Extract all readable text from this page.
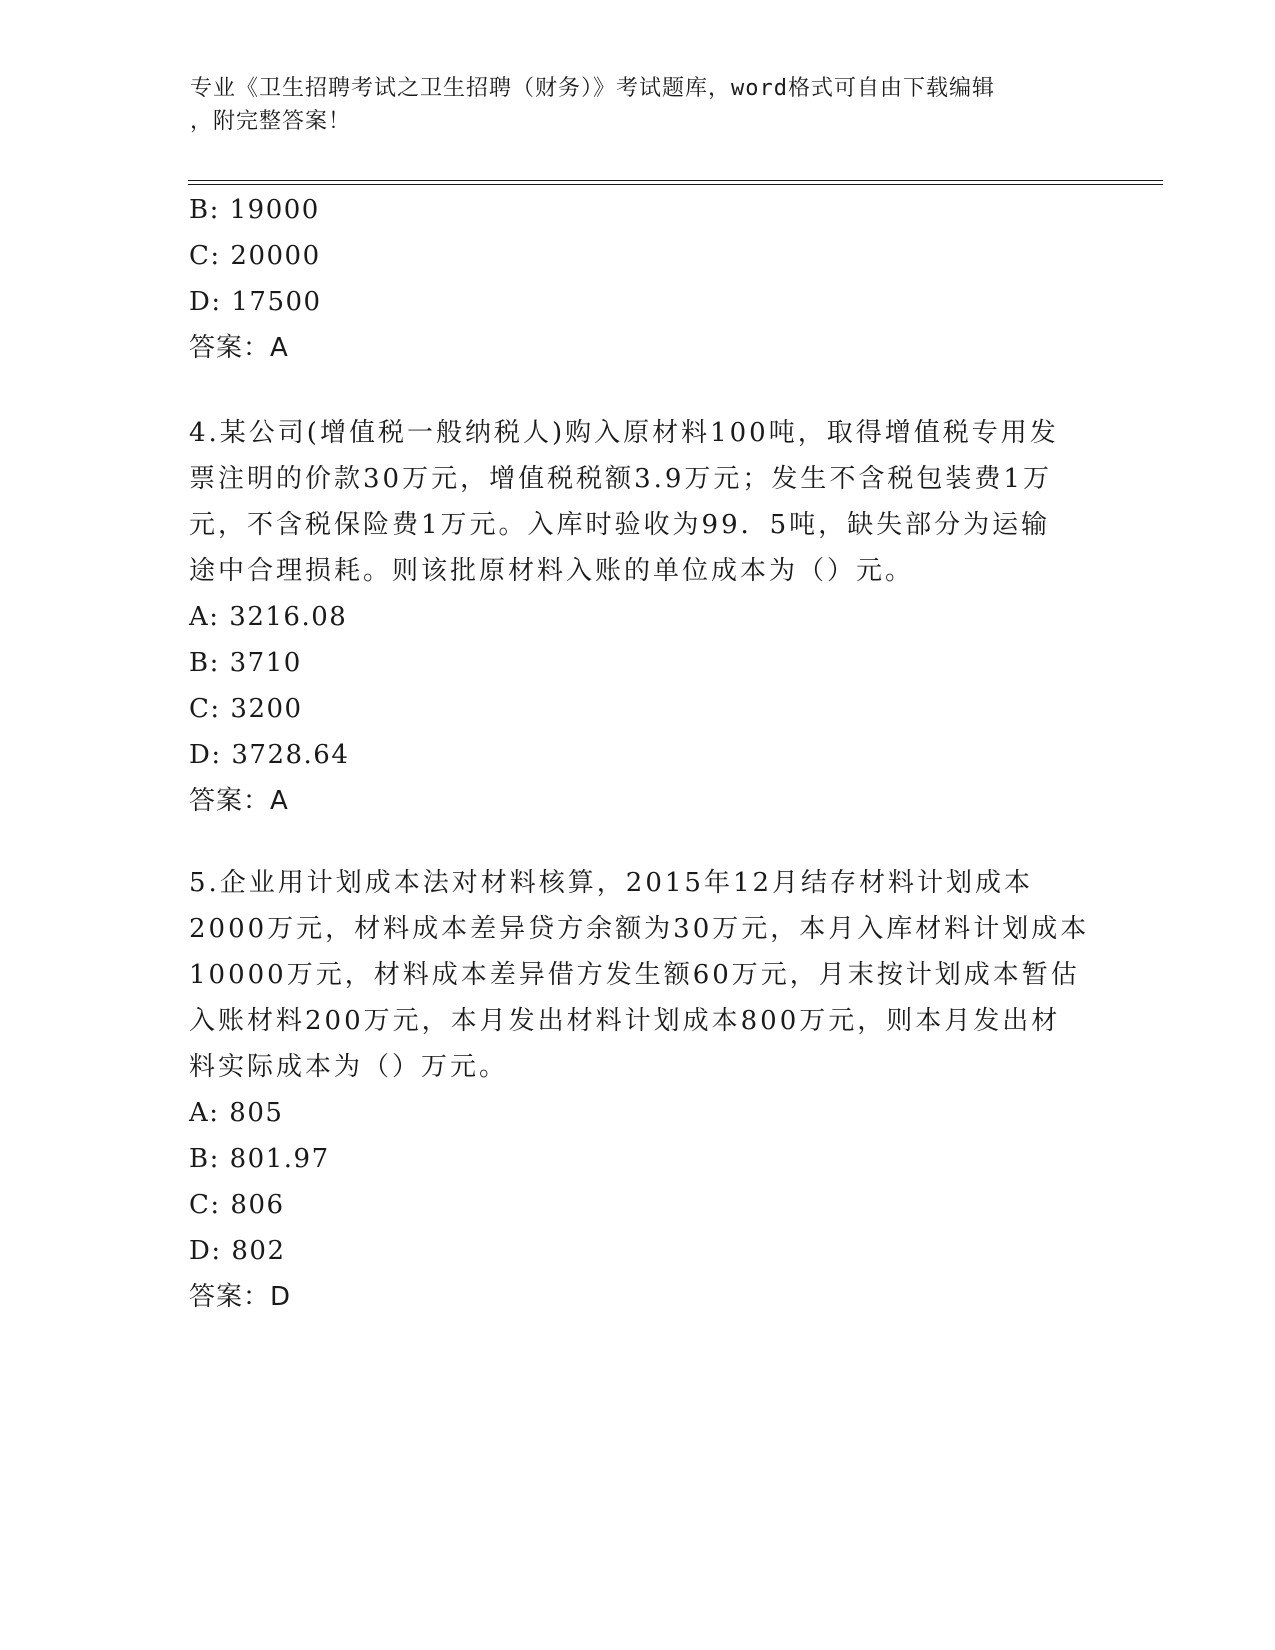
专业《卫生招聘考试之卫生招聘（财务）》考试题库，word格式可自由下载编辑
，附完整答案！
B: 19000
C: 20000
D: 17500
答案：A
4.某公司(增值税一般纳税人)购入原材料100吨，取得增值税专用发
票注明的价款30万元，增值税税额3.9万元；发生不含税包装费1万
元，不含税保险费1万元。入库时验收为99．5吨，缺失部分为运输
途中合理损耗。则该批原材料入账的单位成本为（）元。
A: 3216.08
B: 3710
C: 3200
D: 3728.64
答案：A
5.企业用计划成本法对材料核算，2015年12月结存材料计划成本
2000万元，材料成本差异贷方余额为30万元，本月入库材料计划成本
10000万元，材料成本差异借方发生额60万元，月末按计划成本暂估
入账材料200万元，本月发出材料计划成本800万元，则本月发出材
料实际成本为（）万元。
A: 805
B: 801.97
C: 806
D: 802
答案：D
